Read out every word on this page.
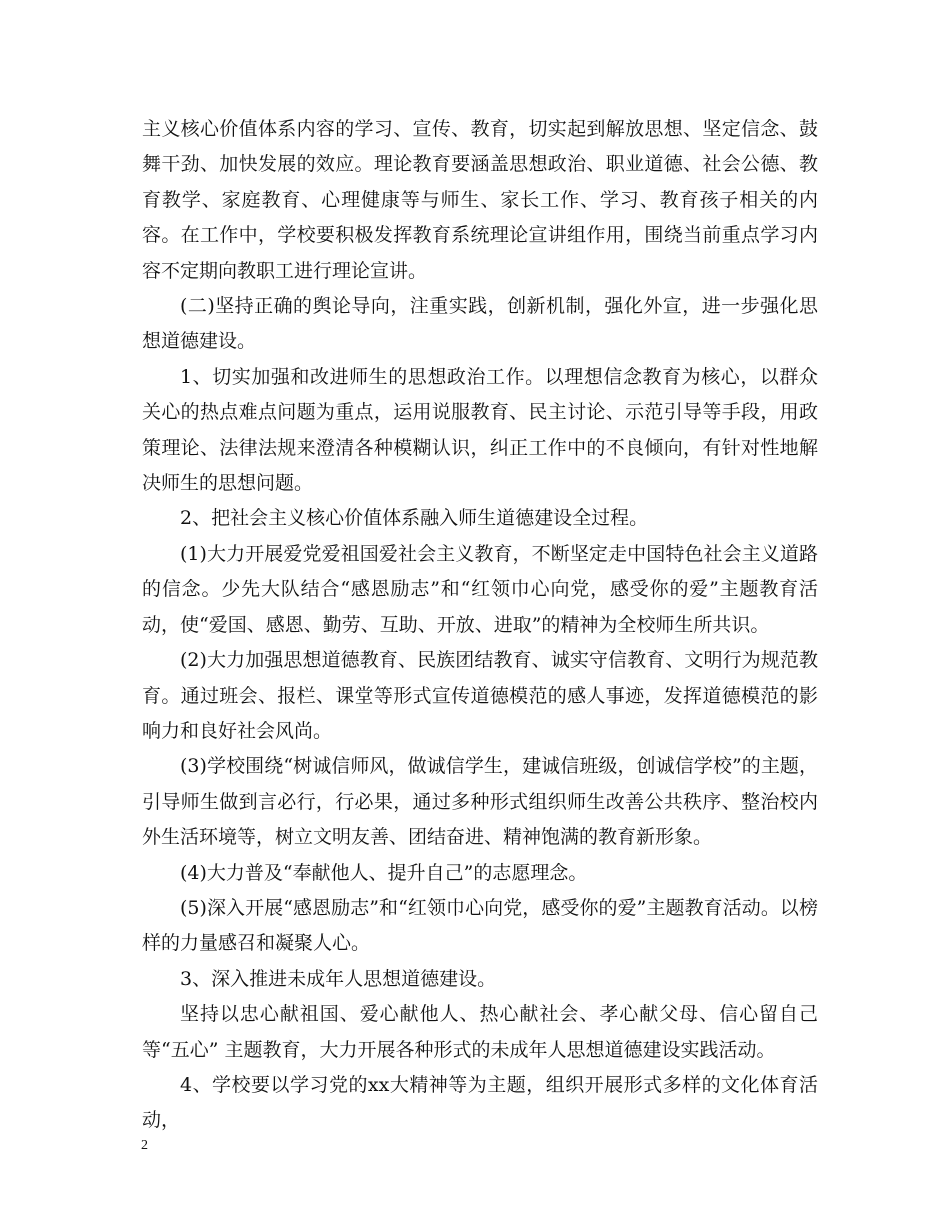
主义核心价值体系内容的学习、宣传、教育，切实起到解放思想、坚定信念、鼓舞干劲、加快发展的效应。理论教育要涵盖思想政治、职业道德、社会公德、教育教学、家庭教育、心理健康等与师生、家长工作、学习、教育孩子相关的内容。在工作中，学校要积极发挥教育系统理论宣讲组作用，围绕当前重点学习内容不定期向教职工进行理论宣讲。

(二)坚持正确的舆论导向，注重实践，创新机制，强化外宣，进一步强化思想道德建设。

1、切实加强和改进师生的思想政治工作。以理想信念教育为核心，以群众关心的热点难点问题为重点，运用说服教育、民主讨论、示范引导等手段，用政策理论、法律法规来澄清各种模糊认识，纠正工作中的不良倾向，有针对性地解决师生的思想问题。

2、把社会主义核心价值体系融入师生道德建设全过程。

(1)大力开展爱党爱祖国爱社会主义教育，不断坚定走中国特色社会主义道路的信念。少先大队结合“感恩励志”和“红领巾心向党，感受你的爱”主题教育活动，使“爱国、感恩、勤劳、互助、开放、进取”的精神为全校师生所共识。

(2)大力加强思想道德教育、民族团结教育、诚实守信教育、文明行为规范教育。通过班会、报栏、课堂等形式宣传道德模范的感人事迹，发挥道德模范的影响力和良好社会风尚。

(3)学校围绕“树诚信师风，做诚信学生，建诚信班级，创诚信学校”的主题，引导师生做到言必行，行必果，通过多种形式组织师生改善公共秩序、整治校内外生活环境等，树立文明友善、团结奋进、精神饱满的教育新形象。

(4)大力普及“奉献他人、提升自己”的志愿理念。

(5)深入开展“感恩励志”和“红领巾心向党，感受你的爱”主题教育活动。以榜样的力量感召和凝聚人心。

3、深入推进未成年人思想道德建设。

坚持以忠心献祖国、爱心献他人、热心献社会、孝心献父母、信心留自己等“五心” 主题教育，大力开展各种形式的未成年人思想道德建设实践活动。

4、学校要以学习党的xx大精神等为主题，组织开展形式多样的文化体育活动，

2
